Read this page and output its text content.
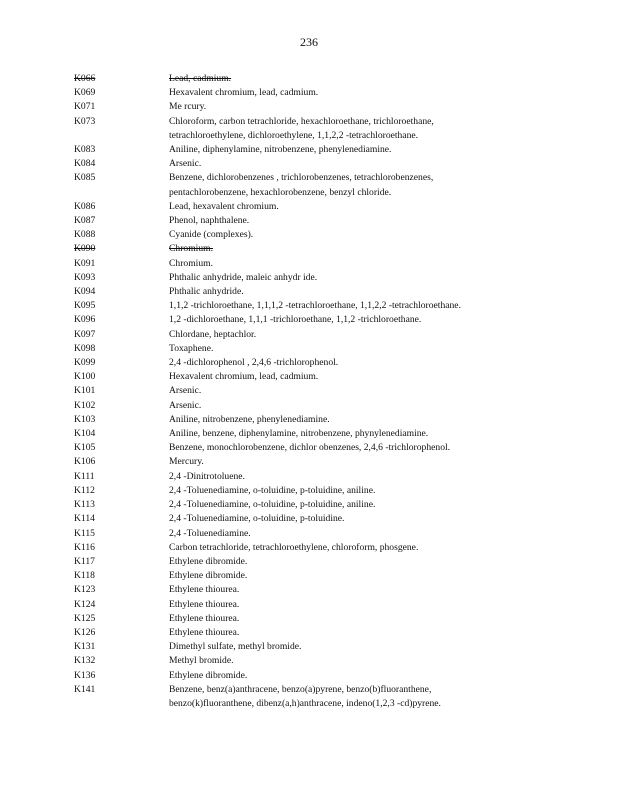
236
K066	Lead, cadmium.
K069	Hexavalent chromium, lead, cadmium.
K071	Me rcury.
K073	Chloroform, carbon tetrachloride, hexachloroethane, trichloroethane,
tetrachloroethylene, dichloroethylene, 1,1,2,2 -tetrachloroethane.
K083	Aniline, diphenylamine, nitrobenzene, phenylenediamine.
K084	Arsenic.
K085	Benzene, dichlorobenzenes , trichlorobenzenes, tetrachlorobenzenes,
pentachlorobenzene, hexachlorobenzene, benzyl chloride.
K086	Lead, hexavalent chromium.
K087	Phenol, naphthalene.
K088	Cyanide (complexes).
K090	Chromium.
K091	Chromium.
K093	Phthalic anhydride, maleic anhydr ide.
K094	Phthalic anhydride.
K095	1,1,2 -trichloroethane, 1,1,1,2 -tetrachloroethane, 1,1,2,2 -tetrachloroethane.
K096	1,2 -dichloroethane, 1,1,1 -trichloroethane, 1,1,2 -trichloroethane.
K097	Chlordane, heptachlor.
K098	Toxaphene.
K099	2,4 -dichlorophenol , 2,4,6 -trichlorophenol.
K100	Hexavalent chromium, lead, cadmium.
K101	Arsenic.
K102	Arsenic.
K103	Aniline, nitrobenzene, phenylenediamine.
K104	Aniline, benzene, diphenylamine, nitrobenzene, phynylenediamine.
K105	Benzene, monochlorobenzene, dichlor obenzenes, 2,4,6 -trichlorophenol.
K106	Mercury.
K111	2,4 -Dinitrotoluene.
K112	2,4 -Toluenediamine, o-toluidine, p-toluidine, aniline.
K113	2,4 -Toluenediamine, o-toluidine, p-toluidine, aniline.
K114	2,4 -Toluenediamine, o-toluidine, p-toluidine.
K115	2,4 -Toluenediamine.
K116	Carbon tetrachloride, tetrachloroethylene, chloroform, phosgene.
K117	Ethylene dibromide.
K118	Ethylene dibromide.
K123	Ethylene thiourea.
K124	Ethylene thiourea.
K125	Ethylene thiourea.
K126	Ethylene thiourea.
K131	Dimethyl sulfate, methyl bromide.
K132	Methyl bromide.
K136	Ethylene dibromide.
K141	Benzene, benz(a)anthracene, benzo(a)pyrene, benzo(b)fluoranthene,
benzo(k)fluoranthene, dibenz(a,h)anthracene, indeno(1,2,3 -cd)pyrene.
